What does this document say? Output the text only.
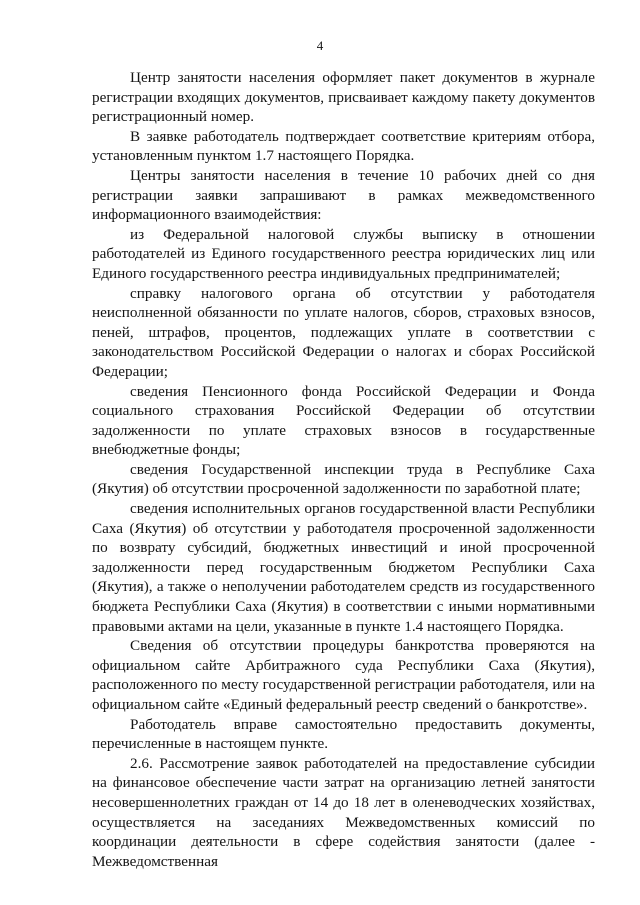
4

Центр занятости населения оформляет пакет документов в журнале регистрации входящих документов, присваивает каждому пакету документов регистрационный номер.

В заявке работодатель подтверждает соответствие критериям отбора, установленным пунктом 1.7 настоящего Порядка.

Центры занятости населения в течение 10 рабочих дней со дня регистрации заявки запрашивают в рамках межведомственного информационного взаимодействия:

из Федеральной налоговой службы выписку в отношении работодателей из Единого государственного реестра юридических лиц или Единого государственного реестра индивидуальных предпринимателей;

справку налогового органа об отсутствии у работодателя неисполненной обязанности по уплате налогов, сборов, страховых взносов, пеней, штрафов, процентов, подлежащих уплате в соответствии с законодательством Российской Федерации о налогах и сборах Российской Федерации;

сведения Пенсионного фонда Российской Федерации и Фонда социального страхования Российской Федерации об отсутствии задолженности по уплате страховых взносов в государственные внебюджетные фонды;

сведения Государственной инспекции труда в Республике Саха (Якутия) об отсутствии просроченной задолженности по заработной плате;

сведения исполнительных органов государственной власти Республики Саха (Якутия) об отсутствии у работодателя просроченной задолженности по возврату субсидий, бюджетных инвестиций и иной просроченной задолженности перед государственным бюджетом Республики Саха (Якутия), а также о неполучении работодателем средств из государственного бюджета Республики Саха (Якутия) в соответствии с иными нормативными правовыми актами на цели, указанные в пункте 1.4 настоящего Порядка.

Сведения об отсутствии процедуры банкротства проверяются на официальном сайте Арбитражного суда Республики Саха (Якутия), расположенного по месту государственной регистрации работодателя, или на официальном сайте «Единый федеральный реестр сведений о банкротстве».

Работодатель вправе самостоятельно предоставить документы, перечисленные в настоящем пункте.

2.6. Рассмотрение заявок работодателей на предоставление субсидии на финансовое обеспечение части затрат на организацию летней занятости несовершеннолетних граждан от 14 до 18 лет в оленеводческих хозяйствах, осуществляется на заседаниях Межведомственных комиссий по координации деятельности в сфере содействия занятости (далее - Межведомственная
